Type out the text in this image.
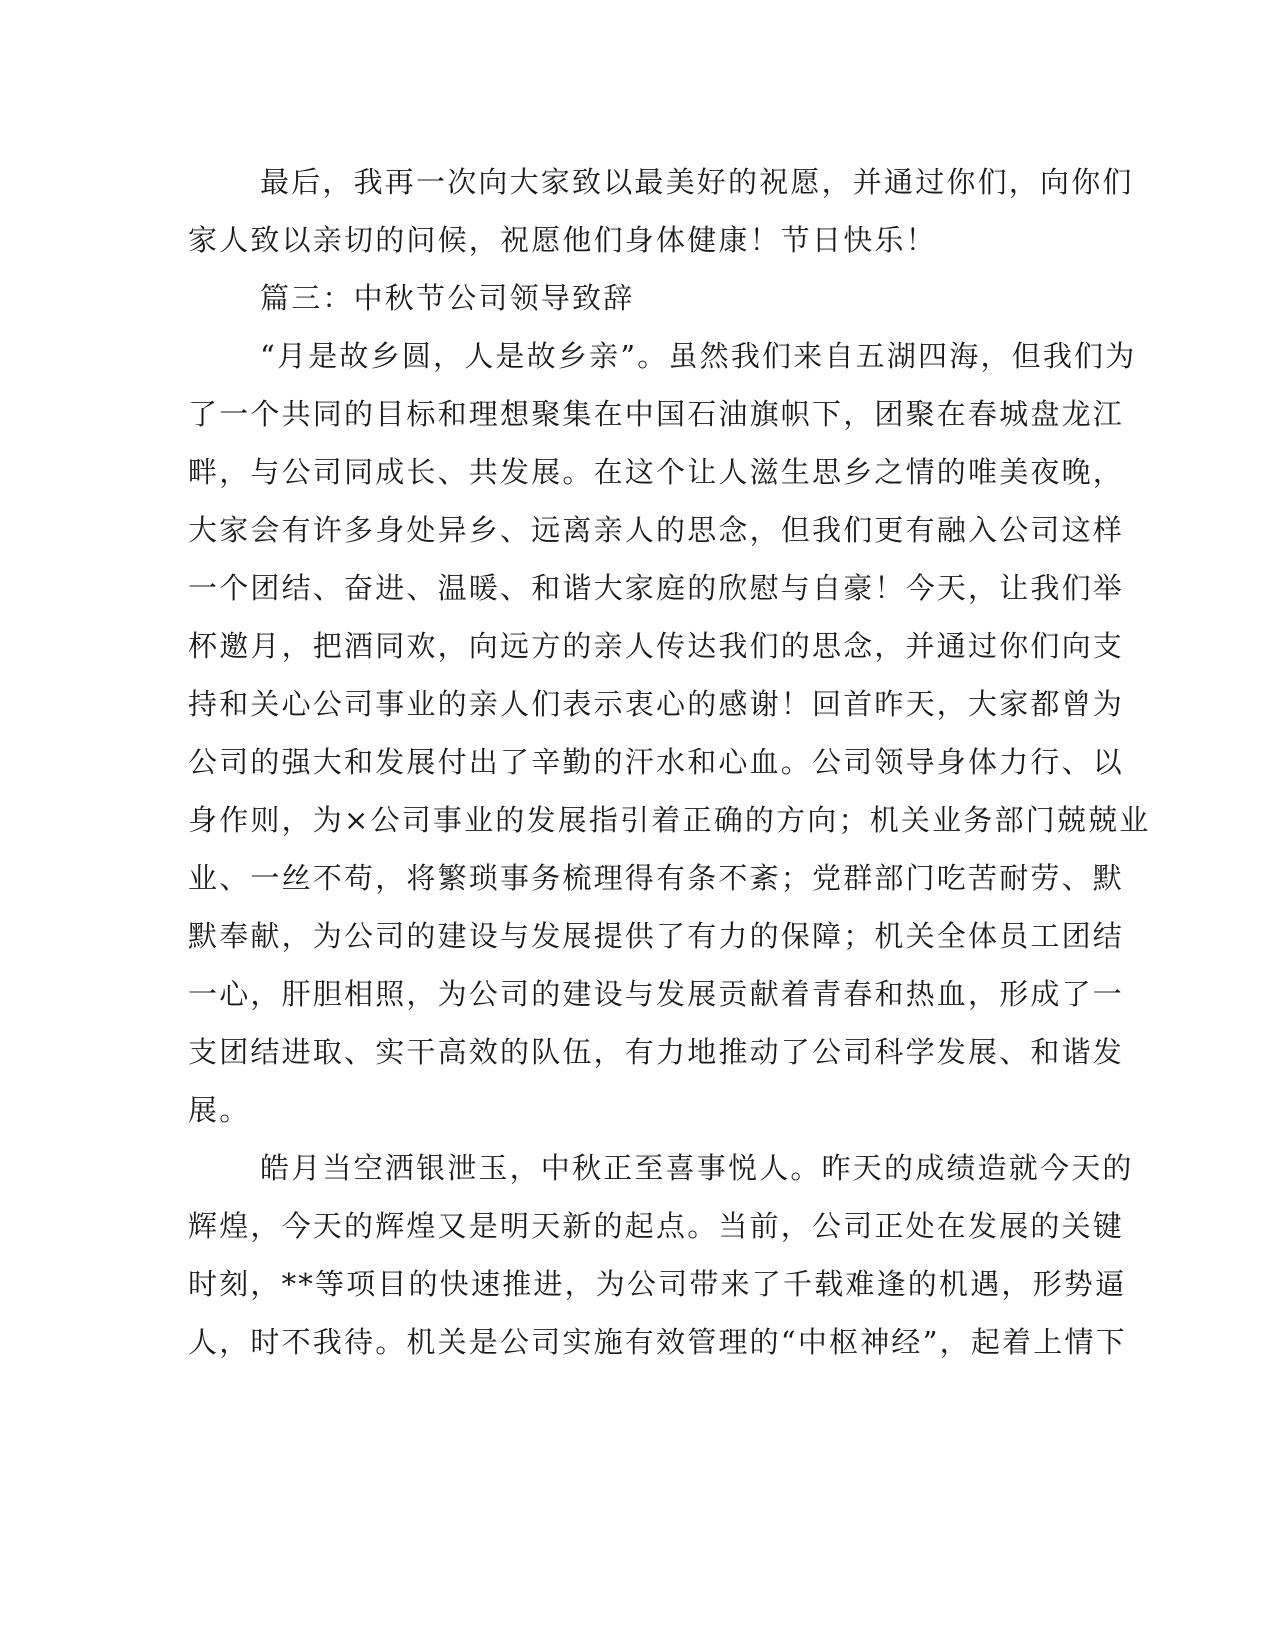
最后，我再一次向大家致以最美好的祝愿，并通过你们，向你们
家人致以亲切的问候，祝愿他们身体健康！节日快乐！
篇三：中秋节公司领导致辞
“月是故乡圆，人是故乡亲”。虽然我们来自五湖四海，但我们为
了一个共同的目标和理想聚集在中国石油旗帜下，团聚在春城盘龙江
畔，与公司同成长、共发展。在这个让人滋生思乡之情的唯美夜晚，
大家会有许多身处异乡、远离亲人的思念，但我们更有融入公司这样
一个团结、奋进、温暖、和谐大家庭的欣慰与自豪！今天，让我们举
杯邀月，把酒同欢，向远方的亲人传达我们的思念，并通过你们向支
持和关心公司事业的亲人们表示衷心的感谢！回首昨天，大家都曾为
公司的强大和发展付出了辛勤的汗水和心血。公司领导身体力行、以
身作则，为×公司事业的发展指引着正确的方向；机关业务部门兢兢业
业、一丝不苟，将繁琐事务梳理得有条不紊；党群部门吃苦耐劳、默
默奉献，为公司的建设与发展提供了有力的保障；机关全体员工团结
一心，肝胆相照，为公司的建设与发展贡献着青春和热血，形成了一
支团结进取、实干高效的队伍，有力地推动了公司科学发展、和谐发
展。
皓月当空洒银泄玉，中秋正至喜事悦人。昨天的成绩造就今天的
辉煌，今天的辉煌又是明天新的起点。当前，公司正处在发展的关键
时刻，**等项目的快速推进，为公司带来了千载难逢的机遇，形势逼
人，时不我待。机关是公司实施有效管理的“中枢神经”，起着上情下
